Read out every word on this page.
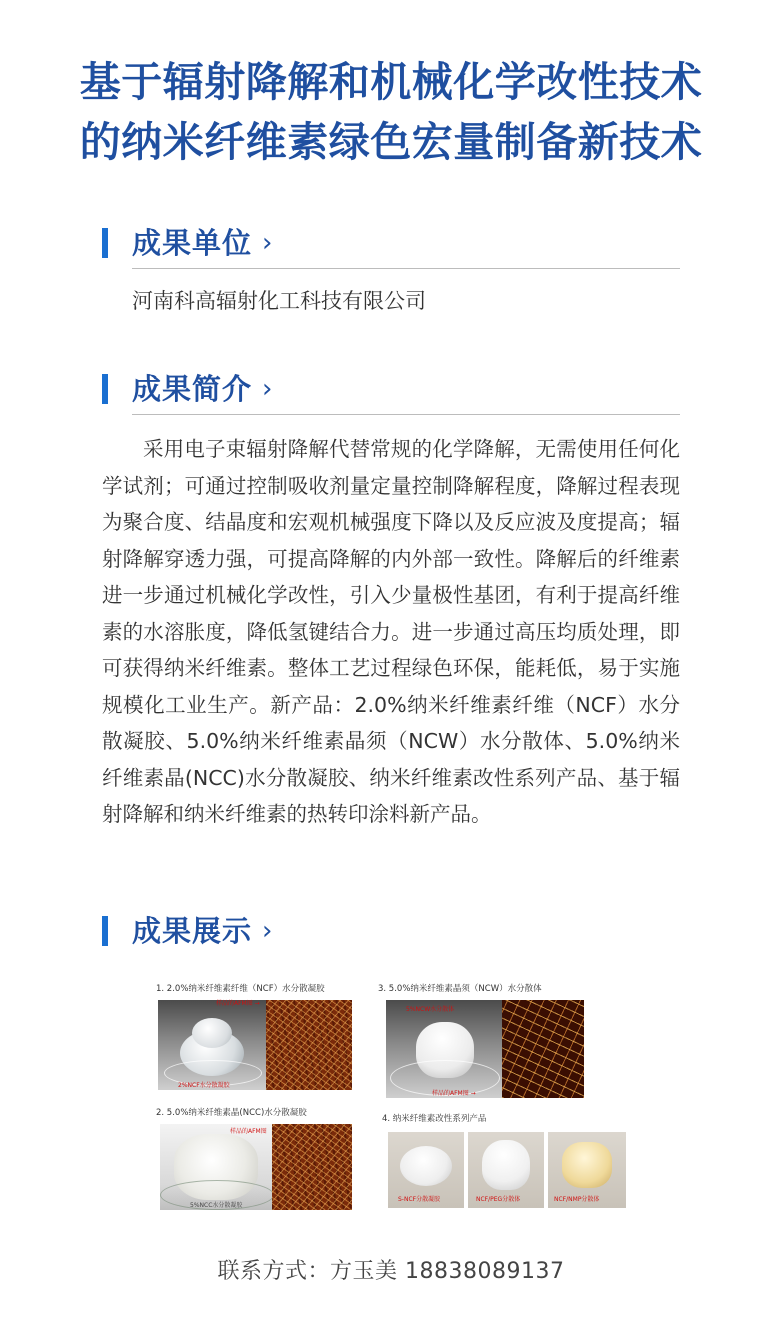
基于辐射降解和机械化学改性技术
的纳米纤维素绿色宏量制备新技术
成果单位 ›
河南科高辐射化工科技有限公司
成果简介 ›
采用电子束辐射降解代替常规的化学降解，无需使用任何化学试剂；可通过控制吸收剂量定量控制降解程度，降解过程表现为聚合度、结晶度和宏观机械强度下降以及反应波及度提高；辐射降解穿透力强，可提高降解的内外部一致性。降解后的纤维素进一步通过机械化学改性，引入少量极性基团，有利于提高纤维素的水溶胀度，降低氢键结合力。进一步通过高压均质处理，即可获得纳米纤维素。整体工艺过程绿色环保，能耗低，易于实施规模化工业生产。新产品：2.0%纳米纤维素纤维（NCF）水分散凝胶、5.0%纳米纤维素晶须（NCW）水分散体、5.0%纳米纤维素晶(NCC)水分散凝胶、纳米纤维素改性系列产品、基于辐射降解和纳米纤维素的热转印涂料新产品。
成果展示 ›
1. 2.0%纳米纤维素纤维（NCF）水分散凝胶
2%NCF水分散凝胶
样品的AFM图 →
2. 5.0%纳米纤维素晶(NCC)水分散凝胶
5%NCC水分散凝胶
样品的AFM图
3. 5.0%纳米纤维素晶须（NCW）水分散体
5%NCW水分散体
样品的AFM图 →
4. 纳米纤维素改性系列产品
S-NCF分散凝胶	NCF/PEG分散体	NCF/NMP分散体
联系方式：方玉美 18838089137
